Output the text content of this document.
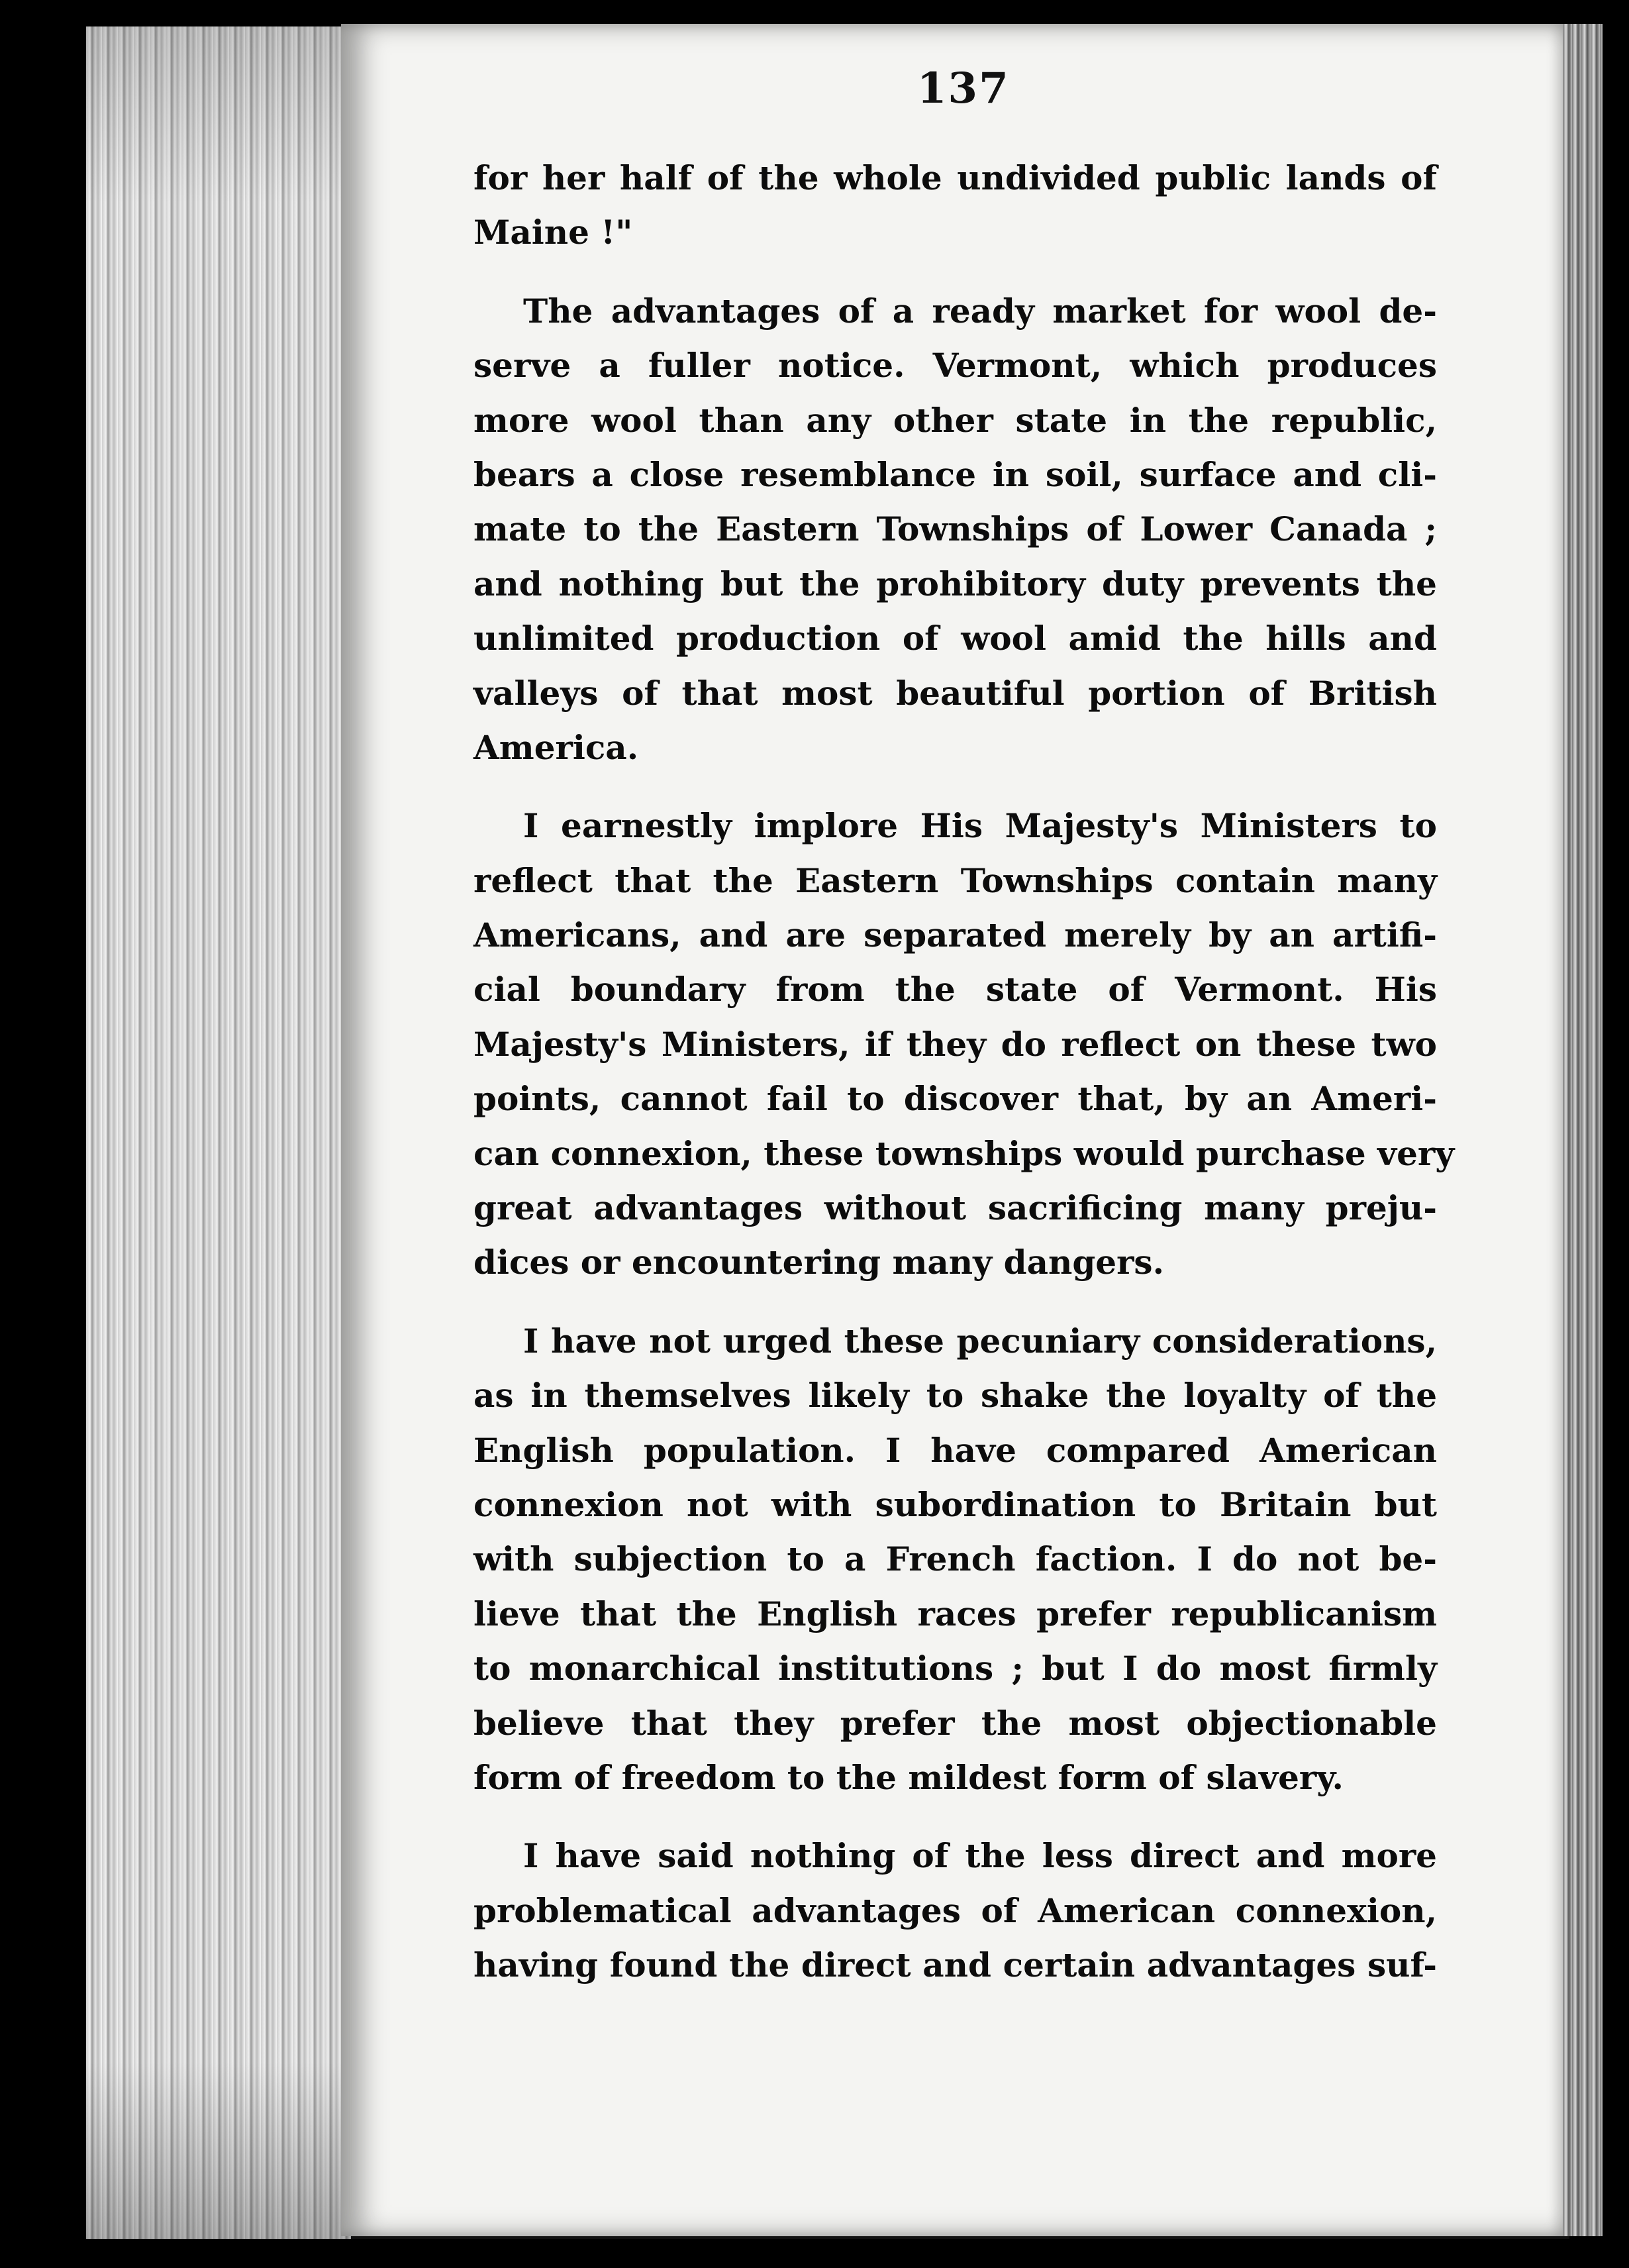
137
for her half of the whole undivided public lands of
Maine !"
The advantages of a ready market for wool de-
serve a fuller notice. Vermont, which produces
more wool than any other state in the republic,
bears a close resemblance in soil, surface and cli-
mate to the Eastern Townships of Lower Canada ;
and nothing but the prohibitory duty prevents the
unlimited production of wool amid the hills and
valleys of that most beautiful portion of British
America.
I earnestly implore His Majesty's Ministers to
reflect that the Eastern Townships contain many
Americans, and are separated merely by an artifi-
cial boundary from the state of Vermont. His
Majesty's Ministers, if they do reflect on these two
points, cannot fail to discover that, by an Ameri-
can connexion, these townships would purchase very
great advantages without sacrificing many preju-
dices or encountering many dangers.
I have not urged these pecuniary considerations,
as in themselves likely to shake the loyalty of the
English population. I have compared American
connexion not with subordination to Britain but
with subjection to a French faction. I do not be-
lieve that the English races prefer republicanism
to monarchical institutions ; but I do most firmly
believe that they prefer the most objectionable
form of freedom to the mildest form of slavery.
I have said nothing of the less direct and more
problematical advantages of American connexion,
having found the direct and certain advantages suf-
